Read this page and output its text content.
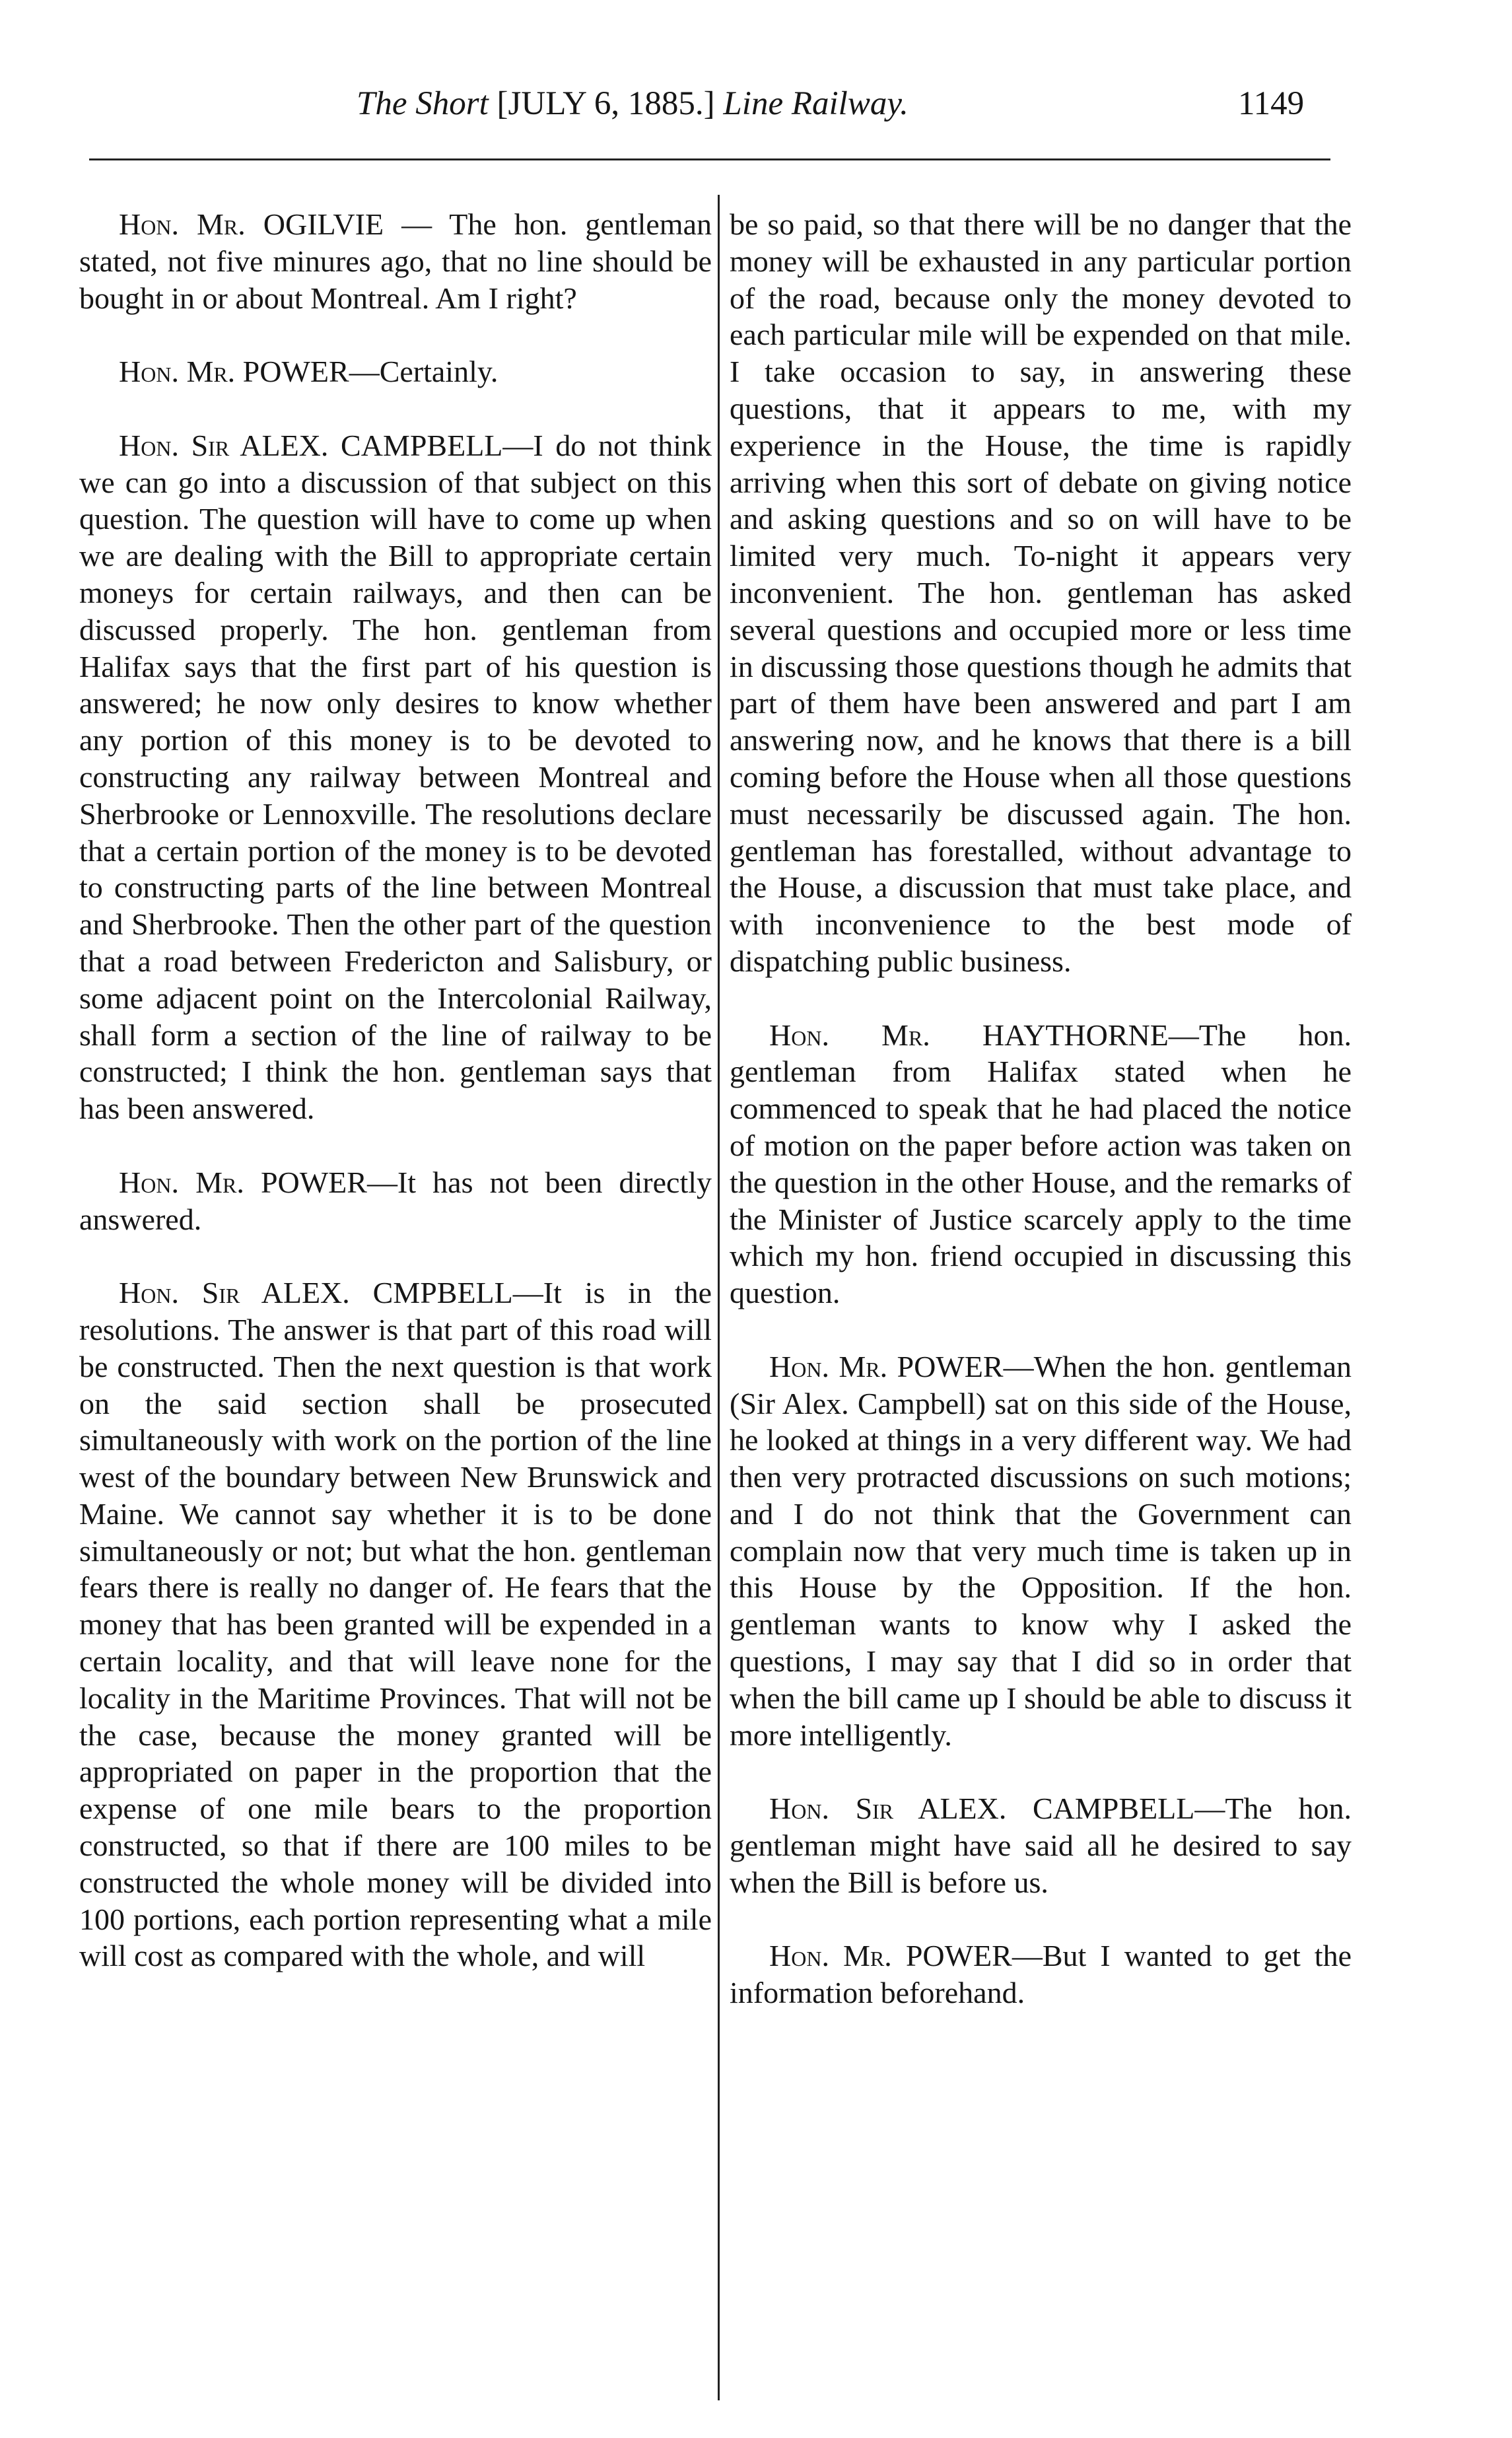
The Short [JULY 6, 1885.] Line Railway.	1149

Hon. Mr. OGILVIE — The hon. gentleman stated, not five minures ago, that no line should be bought in or about Montreal. Am I right?

Hon. Mr. POWER—Certainly.

Hon. Sir ALEX. CAMPBELL—I do not think we can go into a discussion of that subject on this question. The question will have to come up when we are dealing with the Bill to appropriate certain moneys for certain railways, and then can be discussed properly. The hon. gentleman from Halifax says that the first part of his question is answered; he now only desires to know whether any portion of this money is to be devoted to constructing any railway between Montreal and Sherbrooke or Lennoxville. The resolutions declare that a certain portion of the money is to be devoted to constructing parts of the line between Montreal and Sherbrooke. Then the other part of the question that a road between Fredericton and Salisbury, or some adjacent point on the Intercolonial Railway, shall form a section of the line of railway to be constructed; I think the hon. gentleman says that has been answered.

Hon. Mr. POWER—It has not been directly answered.

Hon. Sir ALEX. CMPBELL—It is in the resolutions. The answer is that part of this road will be constructed. Then the next question is that work on the said section shall be prosecuted simultaneously with work on the portion of the line west of the boundary between New Brunswick and Maine. We cannot say whether it is to be done simultaneously or not; but what the hon. gentleman fears there is really no danger of. He fears that the money that has been granted will be expended in a certain locality, and that will leave none for the locality in the Maritime Provinces. That will not be the case, because the money granted will be appropriated on paper in the proportion that the expense of one mile bears to the proportion constructed, so that if there are 100 miles to be constructed the whole money will be divided into 100 portions, each portion representing what a mile will cost as compared with the whole, and will

be so paid, so that there will be no danger that the money will be exhausted in any particular portion of the road, because only the money devoted to each particular mile will be expended on that mile. I take occasion to say, in answering these questions, that it appears to me, with my experience in the House, the time is rapidly arriving when this sort of debate on giving notice and asking questions and so on will have to be limited very much. To-night it appears very inconvenient. The hon. gentleman has asked several questions and occupied more or less time in discussing those questions though he admits that part of them have been answered and part I am answering now, and he knows that there is a bill coming before the House when all those questions must necessarily be discussed again. The hon. gentleman has forestalled, without advantage to the House, a discussion that must take place, and with inconvenience to the best mode of dispatching public business.

Hon. Mr. HAYTHORNE—The hon. gentleman from Halifax stated when he commenced to speak that he had placed the notice of motion on the paper before action was taken on the question in the other House, and the remarks of the Minister of Justice scarcely apply to the time which my hon. friend occupied in discussing this question.

Hon. Mr. POWER—When the hon. gentleman (Sir Alex. Campbell) sat on this side of the House, he looked at things in a very different way. We had then very protracted discussions on such motions; and I do not think that the Government can complain now that very much time is taken up in this House by the Opposition. If the hon. gentleman wants to know why I asked the questions, I may say that I did so in order that when the bill came up I should be able to discuss it more intelligently.

Hon. Sir ALEX. CAMPBELL—The hon. gentleman might have said all he desired to say when the Bill is before us.

Hon. Mr. POWER—But I wanted to get the information beforehand.
